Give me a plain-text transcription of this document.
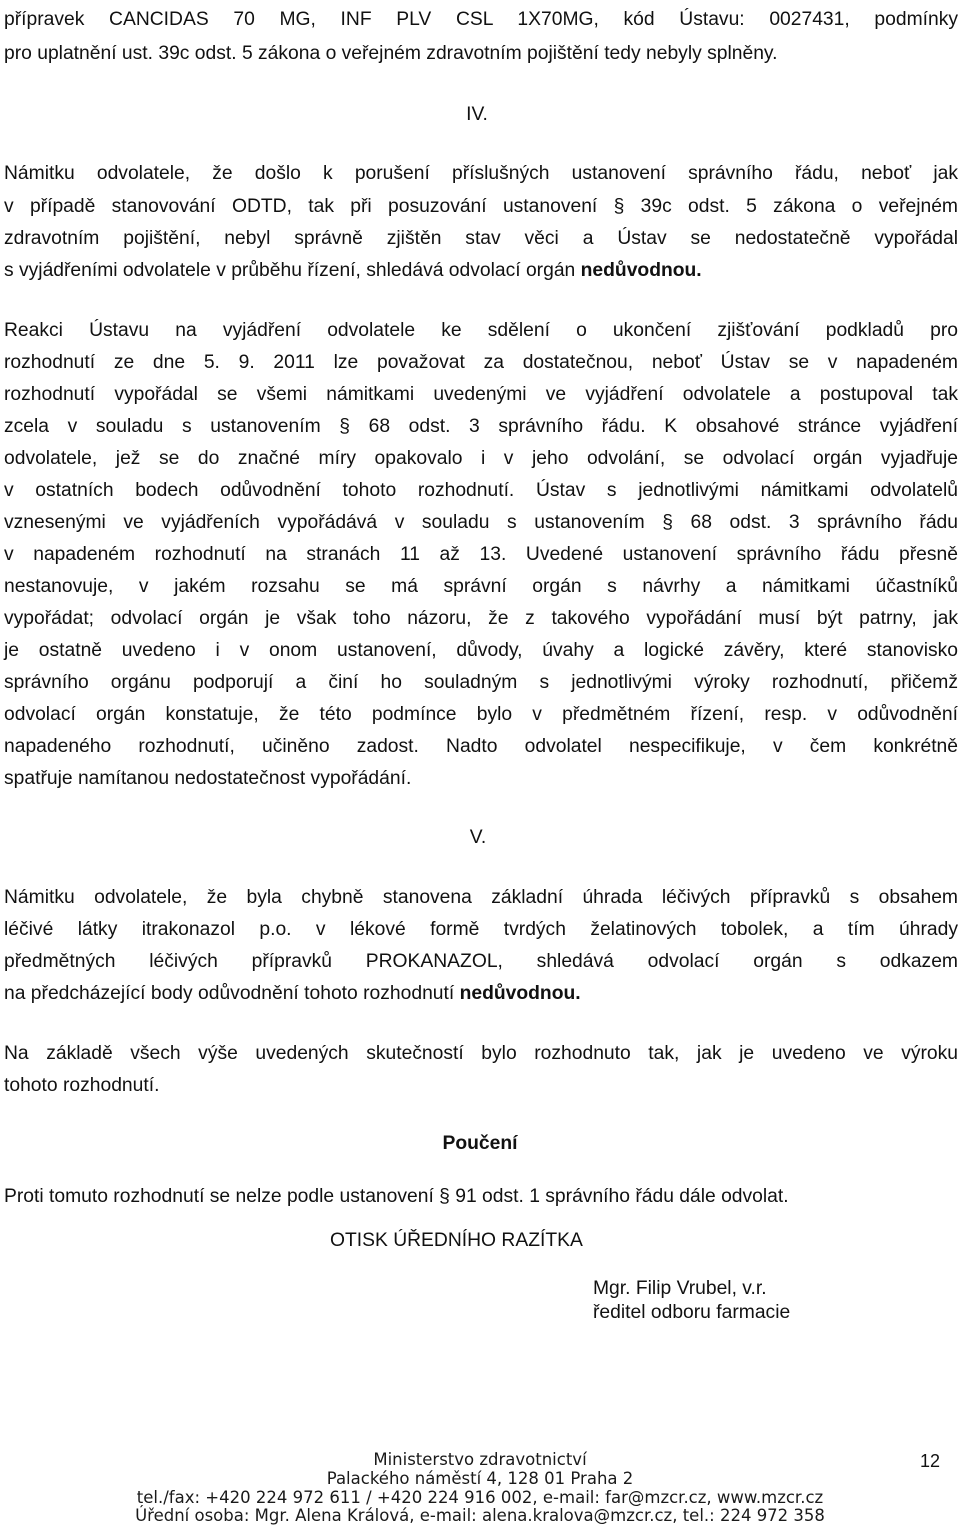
přípravek CANCIDAS 70 MG, INF PLV CSL 1X70MG, kód Ústavu: 0027431, podmínky
pro uplatnění ust. 39c odst. 5 zákona o veřejném zdravotním pojištění tedy nebyly splněny.
IV.
Námitku odvolatele, že došlo k porušení příslušných ustanovení správního řádu, neboť jak
v případě stanovování ODTD, tak při posuzování ustanovení § 39c odst. 5 zákona o veřejném
zdravotním pojištění, nebyl správně zjištěn stav věci a Ústav se nedostatečně vypořádal
s vyjádřeními odvolatele v průběhu řízení, shledává odvolací orgán nedůvodnou.
Reakci Ústavu na vyjádření odvolatele ke sdělení o ukončení zjišťování podkladů pro
rozhodnutí ze dne 5. 9. 2011 lze považovat za dostatečnou, neboť Ústav se v napadeném
rozhodnutí vypořádal se všemi námitkami uvedenými ve vyjádření odvolatele a postupoval tak
zcela v souladu s ustanovením § 68 odst. 3 správního řádu. K obsahové stránce vyjádření
odvolatele, jež se do značné míry opakovalo i v jeho odvolání, se odvolací orgán vyjadřuje
v ostatních bodech odůvodnění tohoto rozhodnutí. Ústav s jednotlivými námitkami odvolatelů
vznesenými ve vyjádřeních vypořádává v souladu s ustanovením § 68 odst. 3 správního řádu
v napadeném rozhodnutí na stranách 11 až 13. Uvedené ustanovení správního řádu přesně
nestanovuje, v jakém rozsahu se má správní orgán s návrhy a námitkami účastníků
vypořádat; odvolací orgán je však toho názoru, že z takového vypořádání musí být patrny, jak
je ostatně uvedeno i v onom ustanovení, důvody, úvahy a logické závěry, které stanovisko
správního orgánu podporují a činí ho souladným s jednotlivými výroky rozhodnutí, přičemž
odvolací orgán konstatuje, že této podmínce bylo v předmětném řízení, resp. v odůvodnění
napadeného rozhodnutí, učiněno zadost. Nadto odvolatel nespecifikuje, v čem konkrétně
spatřuje namítanou nedostatečnost vypořádání.
V.
Námitku odvolatele, že byla chybně stanovena základní úhrada léčivých přípravků s obsahem
léčivé látky itrakonazol p.o. v lékové formě tvrdých želatinových tobolek, a tím úhrady
předmětných léčivých přípravků PROKANAZOL, shledává odvolací orgán s odkazem
na předcházející body odůvodnění tohoto rozhodnutí nedůvodnou.
Na základě všech výše uvedených skutečností bylo rozhodnuto tak, jak je uvedeno ve výroku
tohoto rozhodnutí.
Poučení
Proti tomuto rozhodnutí se nelze podle ustanovení § 91 odst. 1 správního řádu dále odvolat.
OTISK ÚŘEDNÍHO RAZÍTKA
Mgr. Filip Vrubel, v.r.
ředitel odboru farmacie
Ministerstvo zdravotnictví
Palackého náměstí 4, 128 01 Praha 2
tel./fax: +420 224 972 611 / +420 224 916 002, e-mail: far@mzcr.cz, www.mzcr.cz
Úřední osoba: Mgr. Alena Králová, e-mail: alena.kralova@mzcr.cz, tel.: 224 972 358
12
